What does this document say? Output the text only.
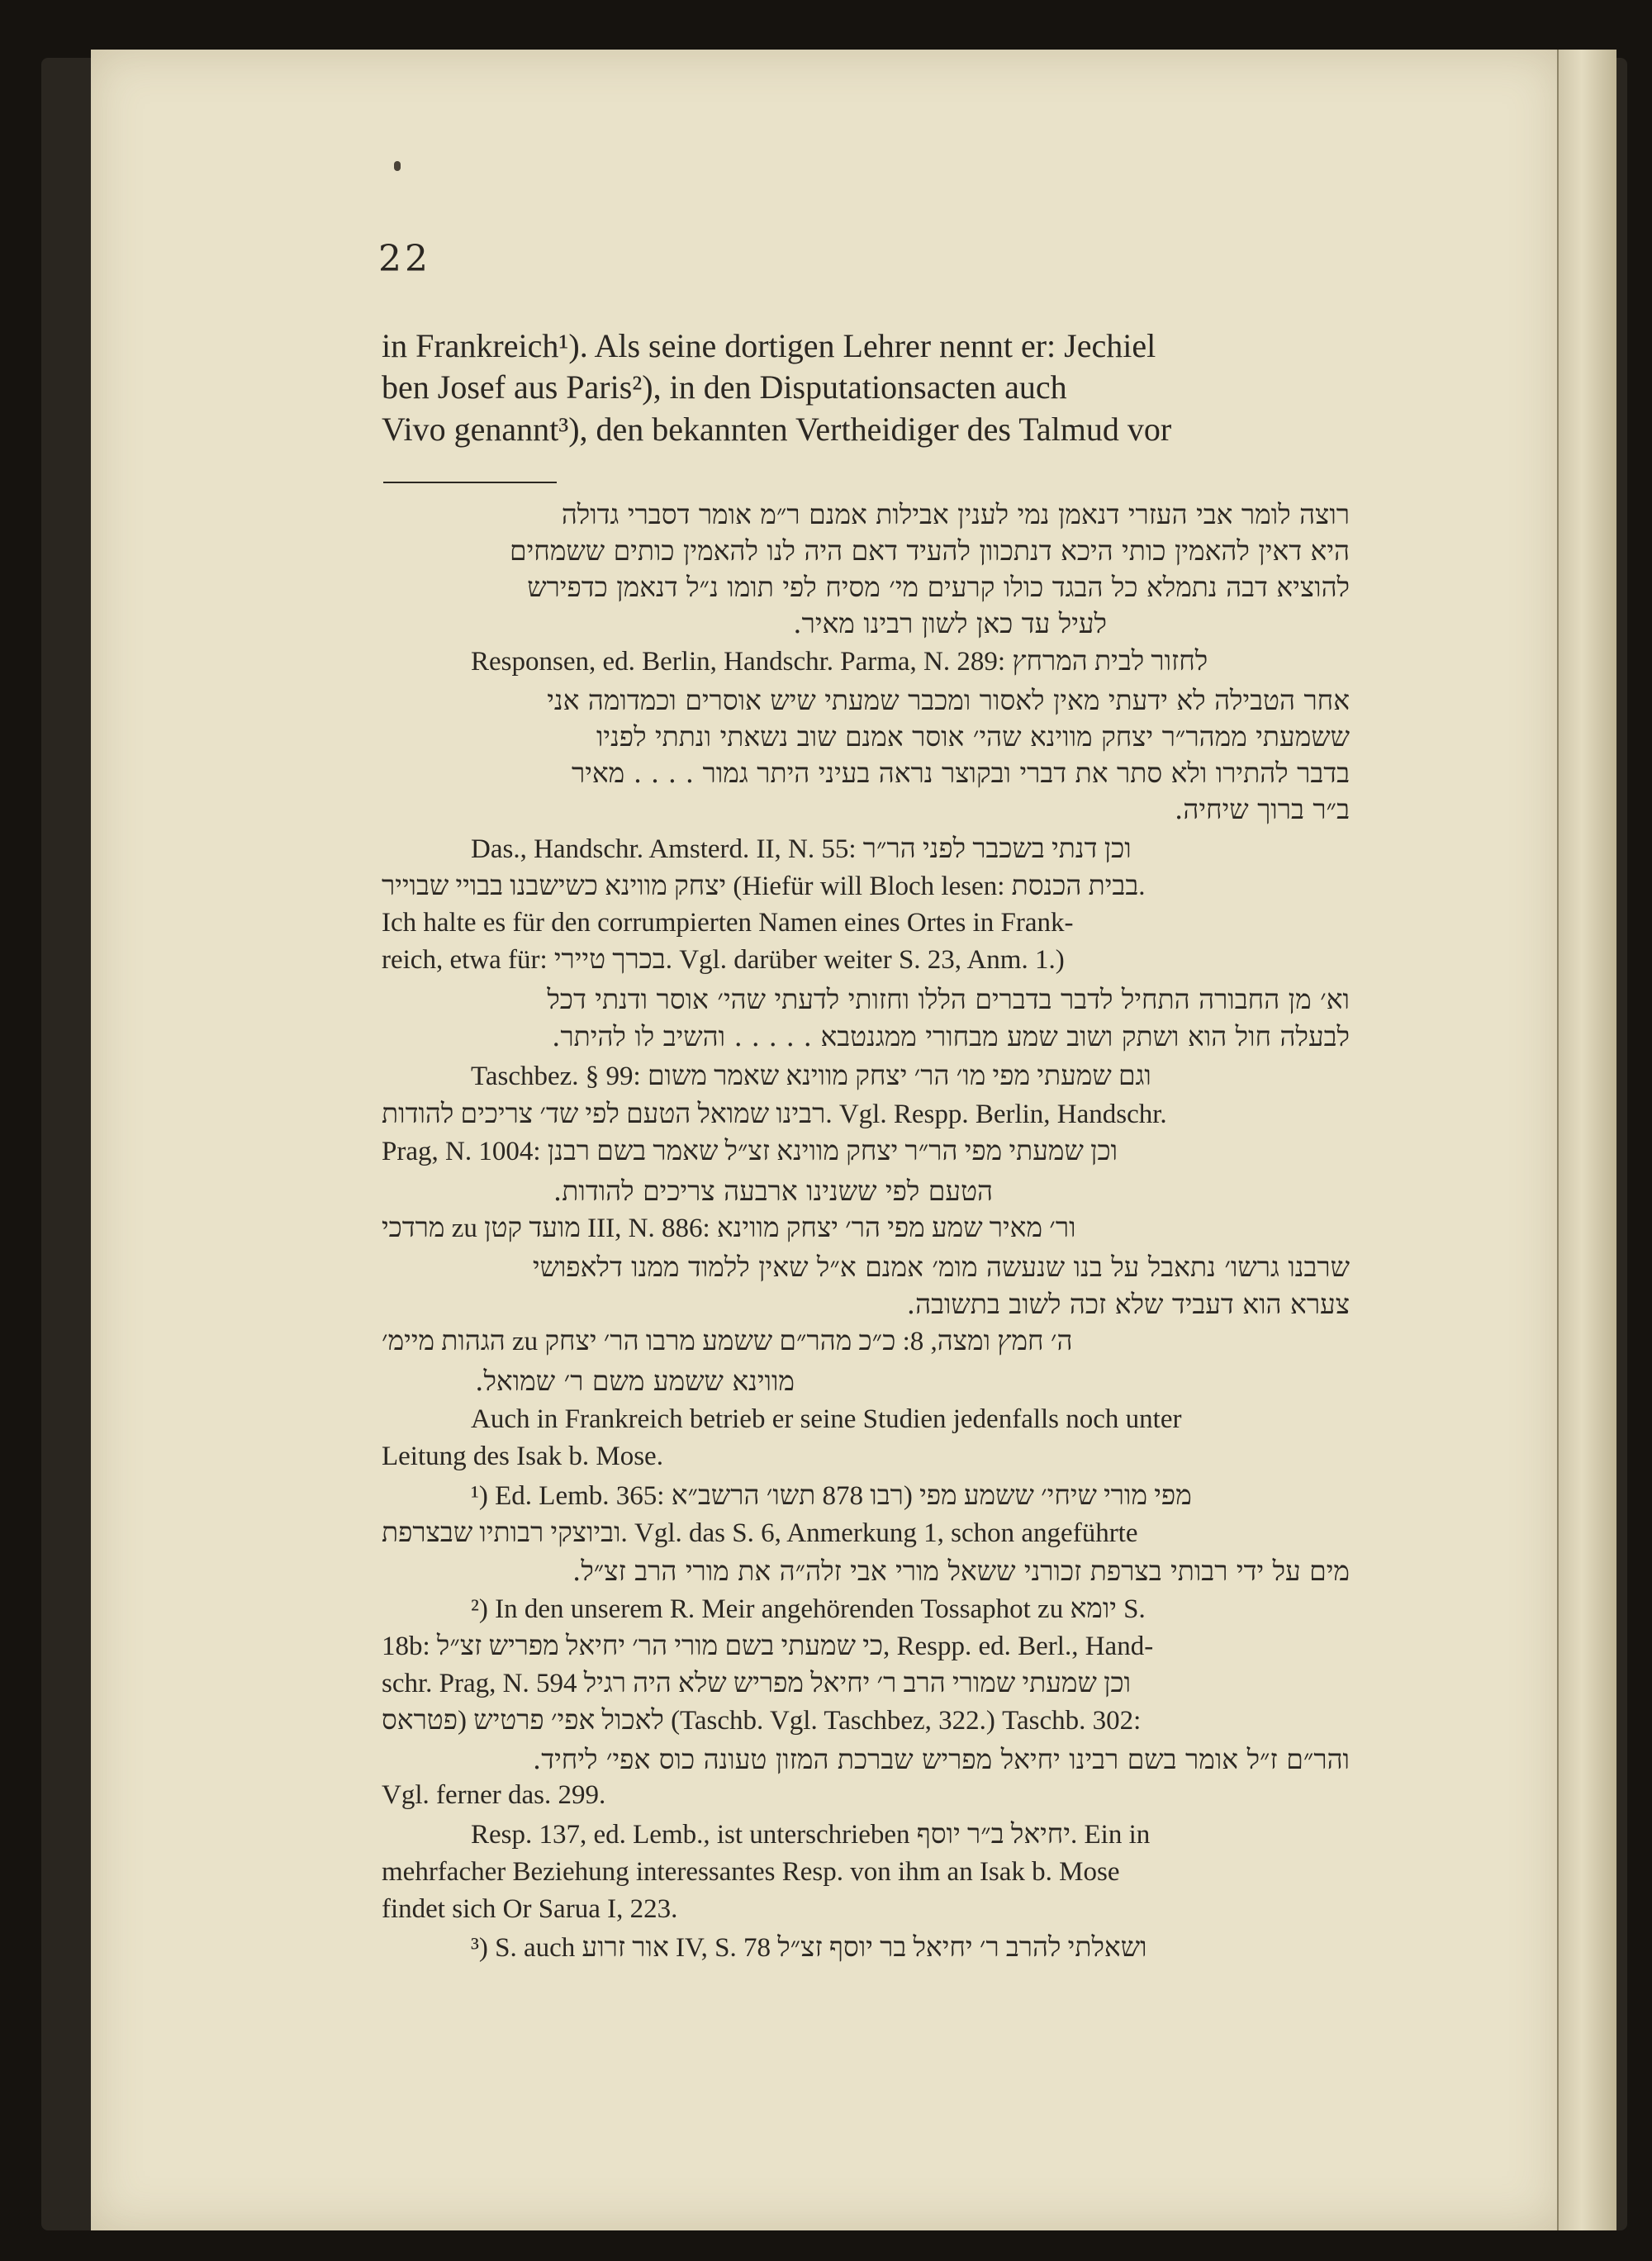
22
in Frankreich¹). Als seine dortigen Lehrer nennt er: Jechiel
ben Josef aus Paris²), in den Disputationsacten auch
Vivo genannt³), den bekannten Vertheidiger des Talmud vor
רוצה לומר אבי העזרי דנאמן נמי לענין אבילות אמנם ר״מ אומר דסברי גדולה
היא דאין להאמין כותי היכא דנתכוון להעיד דאם היה לנו להאמין כותים ששמחים
להוציא דבה נתמלא כל הבגד כולו קרעים מי׳ מסיח לפי תומו נ״ל דנאמן כדפירש
לעיל עד כאן לשון רבינו מאיר.
Responsen, ed. Berlin, Handschr. Parma, N. 289: לחזור לבית המרחץ
אחר הטבילה לא ידעתי מאין לאסור ומכבר שמעתי שיש אוסרים וכמדומה אני
ששמעתי ממהר״ר יצחק מווינא שהי׳ אוסר אמנם שוב נשאתי ונתתי לפניו
בדבר להתירו ולא סתר את דברי ובקוצר נראה בעיני היתר גמור . . . . מאיר
ב״ר ברוך שיחיה.
Das., Handschr. Amsterd. II, N. 55: וכן דנתי בשכבר לפני הר״ר
יצחק מווינא כשישבנו בבויי שבוייר (Hiefür will Bloch lesen: בבית הכנסת.
Ich halte es für den corrumpierten Namen eines Ortes in Frank-
reich, etwa für: בכרך טיירי. Vgl. darüber weiter S. 23, Anm. 1.)
וא׳ מן החבורה התחיל לדבר בדברים הללו וחזותי לדעתי שהי׳ אוסר ודנתי דכל
לבעלה חול הוא ושתק ושוב שמע מבחורי ממגנטבא . . . . . והשיב לו להיתר.
Taschbez. § 99: וגם שמעתי מפי מו׳ הר׳ יצחק מווינא שאמר משום
רבינו שמואל הטעם לפי שד׳ צריכים להודות. Vgl. Respp. Berlin, Handschr.
Prag, N. 1004: וכן שמעתי מפי הר״ר יצחק מווינא זצ״ל שאמר בשם רבנן
הטעם לפי ששנינו ארבעה צריכים להודות.
מרדכי zu מועד קטן III, N. 886: ור׳ מאיר שמע מפי הר׳ יצחק מווינא
שרבנו גרשו׳ נתאבל על בנו שנעשה מומ׳ אמנם א״ל שאין ללמוד ממנו דלאפושי
צערא הוא דעביד שלא זכה לשוב בתשובה.
הגהות מיימ׳ zu ה׳ חמץ ומצה, 8: כ״כ מהר״ם ששמע מרבו הר׳ יצחק
מווינא ששמע משם ר׳ שמואל.
Auch in Frankreich betrieb er seine Studien jedenfalls noch unter
Leitung des Isak b. Mose.
¹) Ed. Lemb. 365: מפי מורי שיחי׳ ששמע מפי (רבו 878 תשו׳ הרשב״א
וביוצקי רבותיו שבצרפת. Vgl. das S. 6, Anmerkung 1, schon angeführte
מים על ידי רבותי בצרפת זכורני ששאל מורי אבי זלה״ה את מורי הרב זצ״ל.
²) In den unserem R. Meir angehörenden Tossaphot zu יומא S.
18b: כי שמעתי בשם מורי הר׳ יחיאל מפריש זצ״ל, Respp. ed. Berl., Hand-
schr. Prag, N. 594 וכן שמעתי שמורי הרב ר׳ יחיאל מפריש שלא היה רגיל
לאכול אפי׳ פרטיש (פטראס (Taschb. Vgl. Taschbez, 322.) Taschb. 302:
והר״ם ז״ל אומר בשם רבינו יחיאל מפריש שברכת המזון טעונה כוס אפי׳ ליחיד.
Vgl. ferner das. 299.
Resp. 137, ed. Lemb., ist unterschrieben יחיאל ב״ר יוסף. Ein in
mehrfacher Beziehung interessantes Resp. von ihm an Isak b. Mose
findet sich Or Sarua I, 223.
³) S. auch אור זרוע IV, S. 78 ושאלתי להרב ר׳ יחיאל בר יוסף זצ״ל
